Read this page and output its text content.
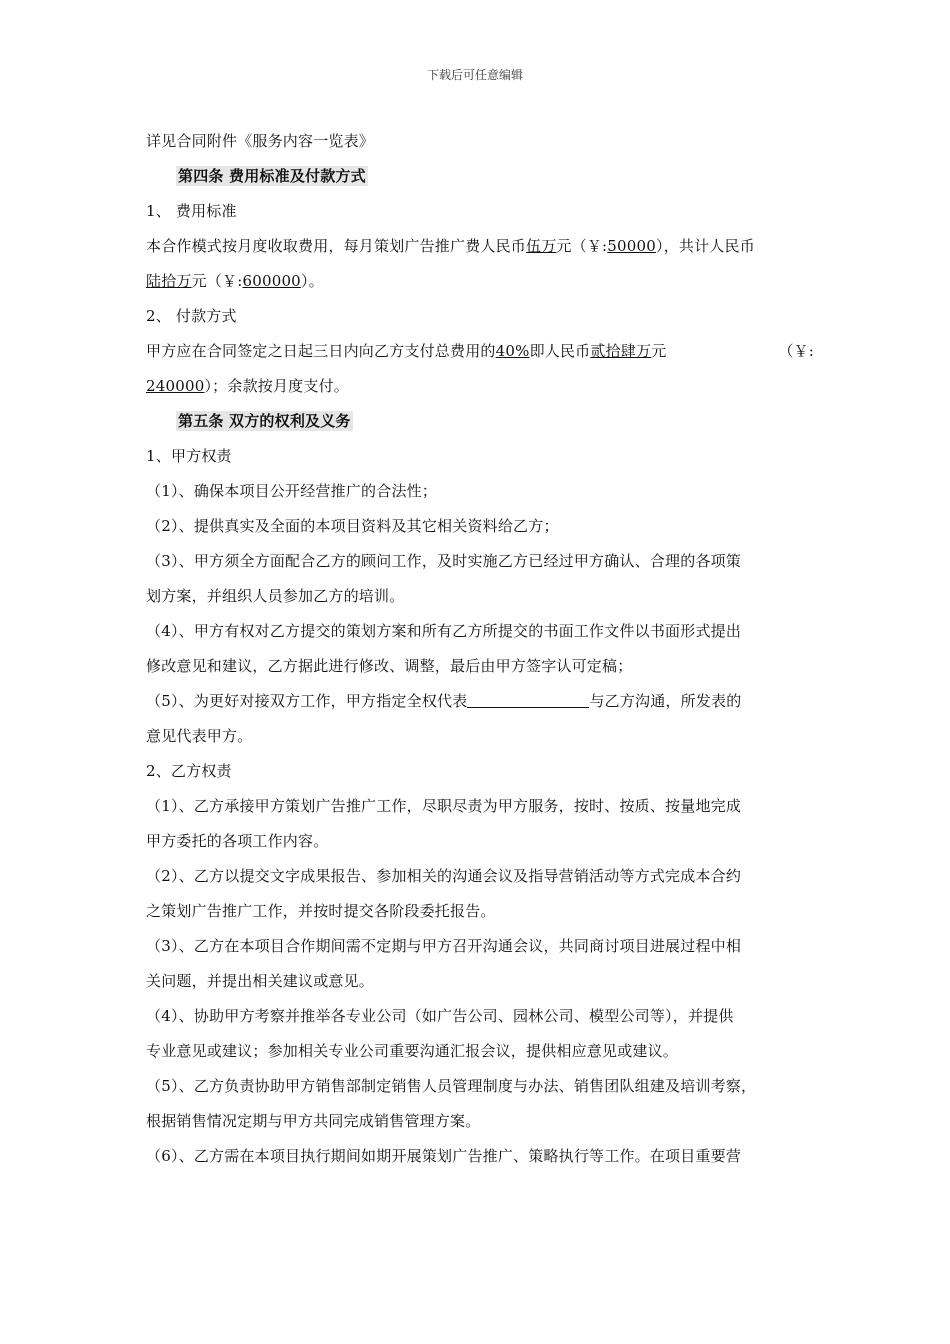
下载后可任意编辑
详见合同附件《服务内容一览表》
第四条 费用标准及付款方式
1、 费用标准
本合作模式按月度收取费用，每月策划广告推广费人民币伍万元（￥:50000），共计人民币
陆拾万元（￥:600000）。
2、 付款方式
甲方应在合同签定之日起三日内向乙方支付总费用的40%即人民币贰拾肆万元	（￥:
240000）；余款按月度支付。
第五条 双方的权利及义务
1、甲方权责
（1）、确保本项目公开经营推广的合法性；
（2）、提供真实及全面的本项目资料及其它相关资料给乙方；
（3）、甲方须全方面配合乙方的顾问工作，及时实施乙方已经过甲方确认、合理的各项策
划方案，并组织人员参加乙方的培训。
（4）、甲方有权对乙方提交的策划方案和所有乙方所提交的书面工作文件以书面形式提出
修改意见和建议，乙方据此进行修改、调整，最后由甲方签字认可定稿；
（5）、为更好对接双方工作，甲方指定全权代表	与乙方沟通，所发表的
意见代表甲方。
2、乙方权责
（1）、乙方承接甲方策划广告推广工作，尽职尽责为甲方服务，按时、按质、按量地完成
甲方委托的各项工作内容。
（2）、乙方以提交文字成果报告、参加相关的沟通会议及指导营销活动等方式完成本合约
之策划广告推广工作，并按时提交各阶段委托报告。
（3）、乙方在本项目合作期间需不定期与甲方召开沟通会议，共同商讨项目进展过程中相
关问题，并提出相关建议或意见。
（4）、协助甲方考察并推举各专业公司（如广告公司、园林公司、模型公司等），并提供
专业意见或建议；参加相关专业公司重要沟通汇报会议，提供相应意见或建议。
（5）、乙方负责协助甲方销售部制定销售人员管理制度与办法、销售团队组建及培训考察，
根据销售情况定期与甲方共同完成销售管理方案。
（6）、乙方需在本项目执行期间如期开展策划广告推广、策略执行等工作。在项目重要营
